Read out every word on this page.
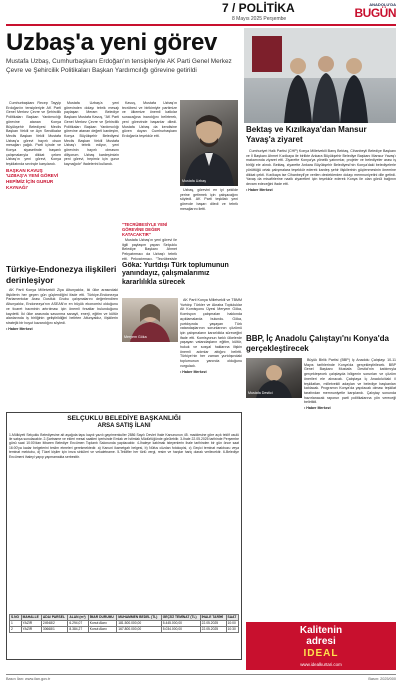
7 / POLİTİKA
8 Mayıs 2025 Perşembe
ANADOLU'DA
BUGÜN
Uzbaş'a yeni görev
Mustafa Uzbaş, Cumhurbaşkanı Erdoğan'ın tensipleriyle AK Parti Genel Merkez Çevre ve Şehircilik Politikaları Başkan Yardımcılığı görevine getirildi

Cumhurbaşkanı Recep Tayyip Erdoğan'ın tensipleriyle AK Parti Genel Merkez Çevre ve Şehircilik Politikaları Başkan Yardımcılığı görevine atanan Konya Büyükşehir Belediyesi Meclis Başkan Vekili ve Ayrı Sendikalar Meclis Başkan Vekili Mustafa Uzbaş'a görevi hayırlı olsun mesajları yağdı. Parti içinde ve Konya siyasetinde başarılı çalışmalarıyla dikkat çeken Uzbaş'ın yeni görevi, Konya teşkilatında sevinçle karşılandı.

BAŞKAN KAVUŞ 'UZBAŞ'A YENİ GÖREVİ HEPİMİZ İÇİN GURUR KAYNAĞI'

Mustafa Uzbaş'a yeni görevinden dolayı tebrik mesajı paylaşan Meram Belediye Başkanı Mustafa Kavuş, "AK Parti Genel Merkez Çevre ve Şehircilik Politikaları Başkan Yardımcılığı görevine atanan değerli kardeşim, Konya Büyükşehir Belediyesi Meclis Başkan Vekili Mustafa Uzbaş'ı tebrik ediyor, yeni görevinin hayırlı olmasını diliyorum. Uzbaş kardeşimizin yeni görevi, hepimiz için gurur kaynağıdır" ifadelerini kullandı.

Kavuş, Mustafa Uzbaş'ın tecrübesi ve birikimiyle partimize ve ülkemize önemli katkılar sunacağına inandığını belirterek, yeni görevinde başarılar diledi. Mustafa Uzbaş da kendisine güven duyan Cumhurbaşkanı Erdoğan'a teşekkür etti.

Mustafa Uzbaş

Uzbaş, görevini en iyi şekilde yerine getirmek için çalışacağını söyledi. AK Parti teşkilatı yeni görevde başarı diledi ve tebrik mesajlarını iletti.

"TECRÜBESİYLE YENİ GÖREVİNE DEĞER KATACAKTIR"

Mustafa Uzbaş'ın yeni görevi ile ilgili paylaşım yapan Selçuklu Belediye Başkanı Ahmet Pekyatırmacı da Uzbaş'ı tebrik etti. Pekyatırmacı, "Tecrübesiyle

Bektaş ve Kızılkaya'dan Mansur Yavaş'a ziyaret

Cumhuriyet Halk Partisi (CHP) Konya Milletvekili Barış Bektaş, Cihanbeyli Belediye Başkanı ve İl Başkanı Ahmet Kızılkaya ile birlikte Ankara Büyükşehir Belediye Başkanı Mansur Yavaş'ı makamında ziyaret etti. Ziyarette Konya'ya yönelik yatırımlar, projeler ve belediyeler arası iş birliği ele alındı. Bektaş, ziyarette Ankara Büyükşehir Belediyesi'nin Konya'daki belediyelerle yürüttüğü ortak çalışmalara teşekkür ederek kardeş şehir ilişkilerinin güçlenmesinin önemine dikkat çekti. Kızılkaya ise Cihanbeyli'ye verilen desteklerden dolayı memnuniyetini dile getirdi. Yavaş da misafirlerine nazik ziyaretleri için teşekkür ederek Konya ile olan gönül bağının devam edeceğini ifade etti.

• Haber Merkezi

BBP, İç Anadolu Çalıştayı'nı Konya'da gerçekleştirecek
Mustafa Destici

Büyük Birlik Partisi (BBP) İç Anadolu Çalıştayı 10-11 Mayıs tarihlerinde Konya'da gerçekleştirilecek. BBP Genel Başkanı Mustafa Destici'nin katılımıyla gerçekleşecek çalıştayda bölgenin sorunları ve çözüm önerileri ele alınacak. Çalıştaya İç Anadolu'daki il teşkilatları, milletvekili adayları ve belediye başkanları katılacak. Programın Konya'da yapılacak olması teşkilat tarafından memnuniyetle karşılandı. Çalıştay sonunda hazırlanacak raporun parti politikalarına yön vereceği belirtildi.

• Haber Merkezi

Türkiye-Endonezya ilişkileri derinleşiyor

AK Parti Konya Milletvekili Ziya Altunyaldız, iki ülke arasındaki ilişkilerin her geçen gün güçlendiğini ifade etti. Türkiye-Endonezya Parlamentolar Arası Dostluk Grubu çalışmalarını değerlendiren Altunyaldız, Endonezya'nın ASEAN'ın en büyük ekonomisi olduğunu ve ticaret hacminin artırılması için önemli fırsatlar bulunduğunu kaydetti. İki ülke arasında savunma sanayii, enerji, eğitim ve kültür alanlarında iş birliğinin geliştirildiğini belirten Altunyaldız, ilişkilerin stratejik bir boyut kazandığını söyledi.

• Haber Merkezi

Göka: Yurtdışı Türk toplumunun yanındayız, çalışmalarımız kararlılıkla sürecek
Meryem Göka

AK Parti Konya Milletvekili ve TBMM Yurtdışı Türkler ve Akraba Topluluklar Alt Komisyonu Üyesi Meryem Göka, Komisyon çalışmaları hakkında açıklamalarda bulundu. Göka, yurtdışında yaşayan Türk vatandaşlarının sorunlarının çözümü için çalışmaların kararlılıkla süreceğini ifade etti. Komisyonun farklı ülkelerde yaşayan vatandaşların eğitim, kültür, hukuk ve sosyal haklarına ilişkin önemli adımlar attığını belirtti. Türkiye'nin her zaman yurtdışındaki toplumunun yanında olduğunu vurguladı.

• Haber Merkezi

SELÇUKLU BELEDİYE BAŞKANLIĞI
ARSA SATIŞ İLANI
1-Mülkiyeti Selçuklu Belediyesine ait aşağıda tapu kaydı yazılı gayrimenkuller 2886 Sayılı Devlet İhale Kanununun 45. maddesine göre açık teklif usulü ile satışa sunulacaktır. 2-Şartname ve ekleri mesai saatleri içerisinde Emlak ve İstimlak Müdürlüğünde görülebilir. 3-İhale 22.05.2025 tarihinde Perşembe günü saat 10:00'dan itibaren Belediye Encümen Toplantı Salonunda yapılacaktır. 4-İhaleye katılmak isteyenlerin ihale tarihinden bir gün önce saat 16:00'ya kadar belgelerini teslim etmeleri gerekmektedir. a) Kanuni ikametgah belgesi, b) Nüfus cüzdan fotokopisi, c) Geçici teminat makbuzu veya teminat mektubu, d) Tüzel kişiler için imza sirküleri ve vekaletname. 5-Teklifler her türlü vergi, resim ve harçlar hariç olarak verilecektir. 6-Belediye Encümeni ihaleyi yapıp yapmamakta serbesttir.
S.NO	MAHALLE	ADA/ PARSEL	ALAN (m²)	İMAR DURUMU	MUHAMMEN BEDEL (TL)	GEÇİCİ TEMİNAT (TL)	İHALE TARİHİ	SAAT
1	YAZIR	24948/2	6.294,07	Konut Alanı	181.500.000,00	5.445.000,00	22.05.2025	10:00
2	YAZIR	30668/1	8.384,27	Konut Alanı	167.800.000,00	5.034.000,00	22.05.2025	10:30	Kalitenin
adresi
IDEAL
www.idealkurtari.com
Basın İlan: www.ilan.gov.tr	Basın: 2025/000
